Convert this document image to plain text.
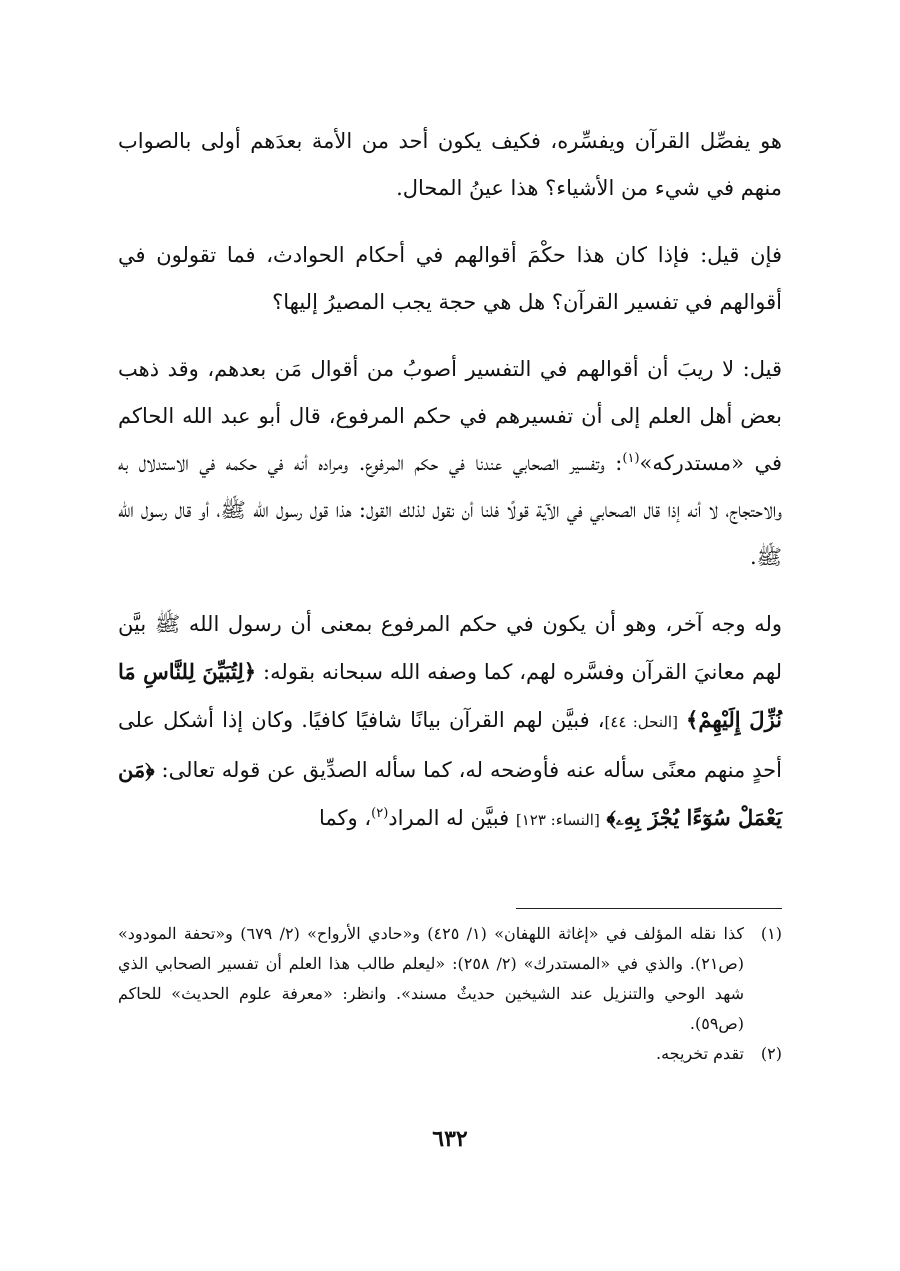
هو يفصِّل القرآن ويفسِّره، فكيف يكون أحد من الأمة بعدَهم أولى بالصواب منهم في شيء من الأشياء؟ هذا عينُ المحال.

فإن قيل: فإذا كان هذا حكْمَ أقوالهم في أحكام الحوادث، فما تقولون في أقوالهم في تفسير القرآن؟ هل هي حجة يجب المصيرُ إليها؟

قيل: لا ريبَ أن أقوالهم في التفسير أصوبُ من أقوال مَن بعدهم، وقد ذهب بعض أهل العلم إلى أن تفسيرهم في حكم المرفوع، قال أبو عبد الله الحاكم في «مستدركه»$^{(١)}$: وتفسير الصحابي عندنا في حكم المرفوع. ومراده أنه في حكمه في الاستدلال به والاحتجاج، لا أنه إذا قال الصحابي في الآية قولًا فلنا أن نقول لذلك القول: هذا قول رسول الله ﷺ، أو قال رسول الله ﷺ.

وله وجه آخر، وهو أن يكون في حكم المرفوع بمعنى أن رسول الله ﷺ بيَّن لهم معانيَ القرآن وفسَّره لهم، كما وصفه الله سبحانه بقوله: ﴿لِتُبَيِّنَ لِلنَّاسِ مَا نُزِّلَ إِلَيْهِمْ﴾ [النحل: ٤٤]، فبيَّن لهم القرآن بيانًا شافيًا كافيًا. وكان إذا أشكل على أحدٍ منهم معنًى سأله عنه فأوضحه له، كما سأله الصدِّيق عن قوله تعالى: ﴿مَن يَعْمَلْ سُوٓءًا يُجْزَ بِهِۦ﴾ [النساء: ١٢٣] فبيَّن له المراد$^{(٢)}$، وكما

(١)
كذا نقله المؤلف في «إغاثة اللهفان» (١/ ٤٢٥) و«حادي الأرواح» (٢/ ٦٧٩) و«تحفة المودود» (ص٢١). والذي في «المستدرك» (٢/ ٢٥٨): «ليعلم طالب هذا العلم أن تفسير الصحابي الذي شهد الوحي والتنزيل عند الشيخين حديثٌ مسند». وانظر: «معرفة علوم الحديث» للحاكم (ص٥٩).
(٢)
تقدم تخريجه.
٦٣٢
